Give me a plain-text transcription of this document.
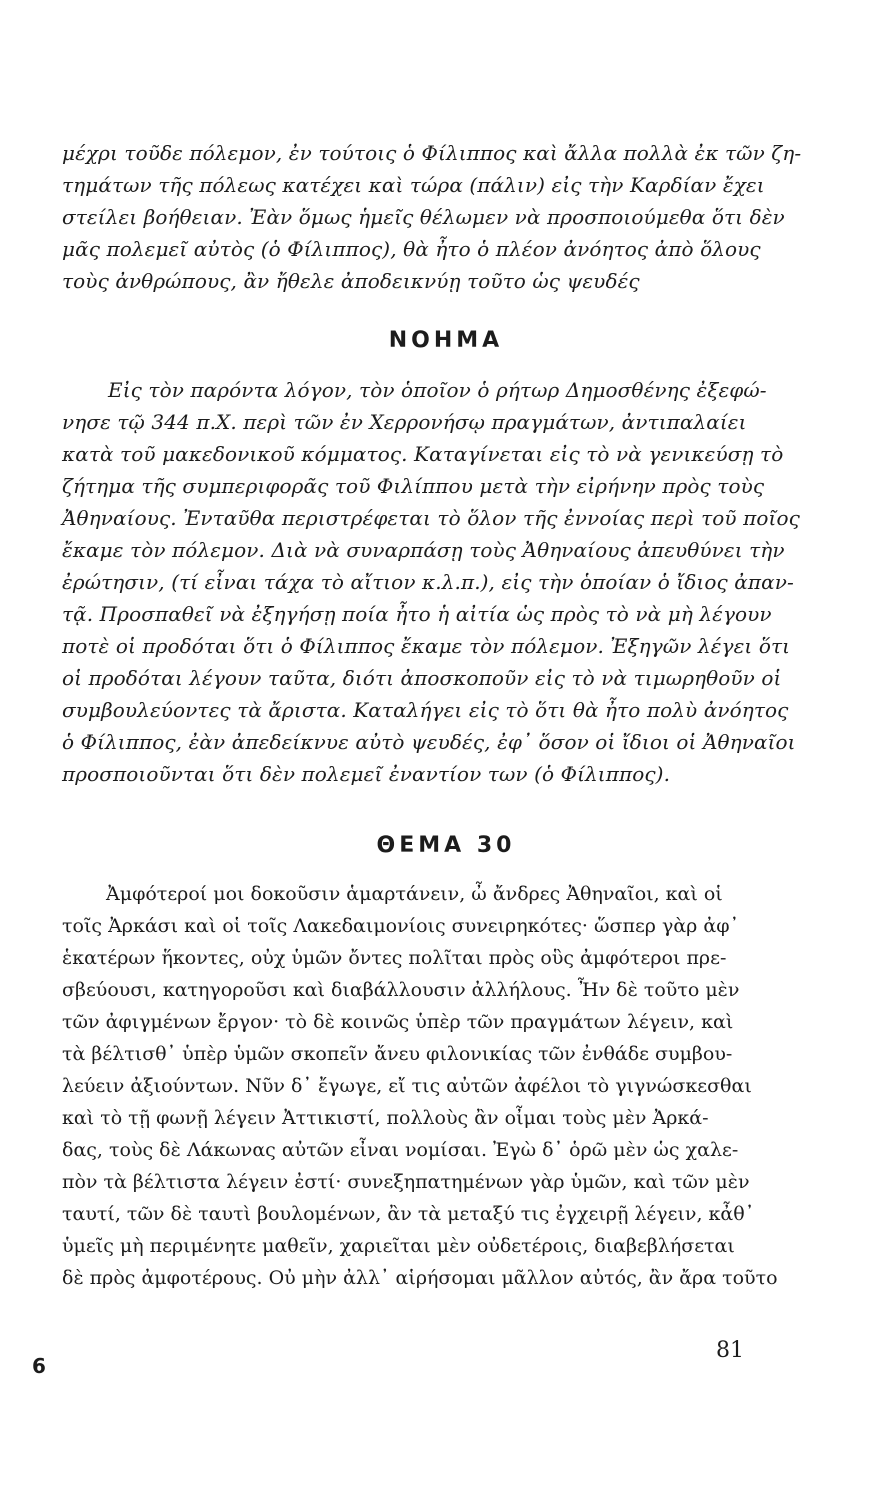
μέχρι τοῦδε πόλεμον, ἐν τούτοις ὁ Φίλιππος καὶ ἄλλα πολλὰ ἐκ τῶν ζη-
τημάτων τῆς πόλεως κατέχει καὶ τώρα (πάλιν) εἰς τὴν Καρδίαν ἔχει
στείλει βοήθειαν. Ἐὰν ὅμως ἡμεῖς θέλωμεν νὰ προσποιούμεθα ὅτι δὲν
μᾶς πολεμεῖ αὐτὸς (ὁ Φίλιππος), θὰ ἦτο ὁ πλέον ἀνόητος ἀπὸ ὅλους
τοὺς ἀνθρώπους, ἂν ἤθελε ἀποδεικνύῃ τοῦτο ὡς ψευδές
ΝΟΗΜΑ
Εἰς τὸν παρόντα λόγον, τὸν ὁποῖον ὁ ρήτωρ Δημοσθένης ἐξεφώ-
νησε τῷ 344 π.Χ. περὶ τῶν ἐν Χερρονήσῳ πραγμάτων, ἀντιπαλαίει
κατὰ τοῦ μακεδονικοῦ κόμματος. Καταγίνεται εἰς τὸ νὰ γενικεύσῃ τὸ
ζήτημα τῆς συμπεριφορᾶς τοῦ Φιλίππου μετὰ τὴν εἰρήνην πρὸς τοὺς
Ἀθηναίους. Ἐνταῦθα περιστρέφεται τὸ ὅλον τῆς ἐννοίας περὶ τοῦ ποῖος
ἔκαμε τὸν πόλεμον. Διὰ νὰ συναρπάσῃ τοὺς Ἀθηναίους ἀπευθύνει τὴν
ἐρώτησιν, (τί εἶναι τάχα τὸ αἴτιον κ.λ.π.), εἰς τὴν ὁποίαν ὁ ἴδιος ἀπαν-
τᾷ. Προσπαθεῖ νὰ ἐξηγήσῃ ποία ἦτο ἡ αἰτία ὡς πρὸς τὸ νὰ μὴ λέγουν
ποτὲ οἱ προδόται ὅτι ὁ Φίλιππος ἔκαμε τὸν πόλεμον. Ἐξηγῶν λέγει ὅτι
οἱ προδόται λέγουν ταῦτα, διότι ἀποσκοποῦν εἰς τὸ νὰ τιμωρηθοῦν οἱ
συμβουλεύοντες τὰ ἄριστα. Καταλήγει εἰς τὸ ὅτι θὰ ἦτο πολὺ ἀνόητος
ὁ Φίλιππος, ἐὰν ἀπεδείκνυε αὐτὸ ψευδές, ἐφ᾽ ὅσον οἱ ἴδιοι οἱ Ἀθηναῖοι
προσποιοῦνται ὅτι δὲν πολεμεῖ ἐναντίον των (ὁ Φίλιππος).
ΘΕΜΑ 30
Ἀμφότεροί μοι δοκοῦσιν ἁμαρτάνειν, ὦ ἄνδρες Ἀθηναῖοι, καὶ οἱ
τοῖς Ἀρκάσι καὶ οἱ τοῖς Λακεδαιμονίοις συνειρηκότες· ὥσπερ γὰρ ἀφ᾽
ἑκατέρων ἥκοντες, οὐχ ὑμῶν ὄντες πολῖται πρὸς οὓς ἀμφότεροι πρε-
σβεύουσι, κατηγοροῦσι καὶ διαβάλλουσιν ἀλλήλους. Ἦν δὲ τοῦτο μὲν
τῶν ἀφιγμένων ἔργον· τὸ δὲ κοινῶς ὑπὲρ τῶν πραγμάτων λέγειν, καὶ
τὰ βέλτισθ᾽ ὑπὲρ ὑμῶν σκοπεῖν ἄνευ φιλονικίας τῶν ἐνθάδε συμβου-
λεύειν ἀξιούντων. Νῦν δ᾽ ἔγωγε, εἴ τις αὐτῶν ἀφέλοι τὸ γιγνώσκεσθαι
καὶ τὸ τῇ φωνῇ λέγειν Ἀττικιστί, πολλοὺς ἂν οἶμαι τοὺς μὲν Ἀρκά-
δας, τοὺς δὲ Λάκωνας αὐτῶν εἶναι νομίσαι. Ἐγὼ δ᾽ ὁρῶ μὲν ὡς χαλε-
πὸν τὰ βέλτιστα λέγειν ἐστί· συνεξηπατημένων γὰρ ὑμῶν, καὶ τῶν μὲν
ταυτί, τῶν δὲ ταυτὶ βουλομένων, ἂν τὰ μεταξύ τις ἐγχειρῇ λέγειν, κἆθ᾽
ὑμεῖς μὴ περιμένητε μαθεῖν, χαριεῖται μὲν οὐδετέροις, διαβεβλήσεται
δὲ πρὸς ἀμφοτέρους. Οὐ μὴν ἀλλ᾽ αἱρήσομαι μᾶλλον αὐτός, ἂν ἄρα τοῦτο
81
6
